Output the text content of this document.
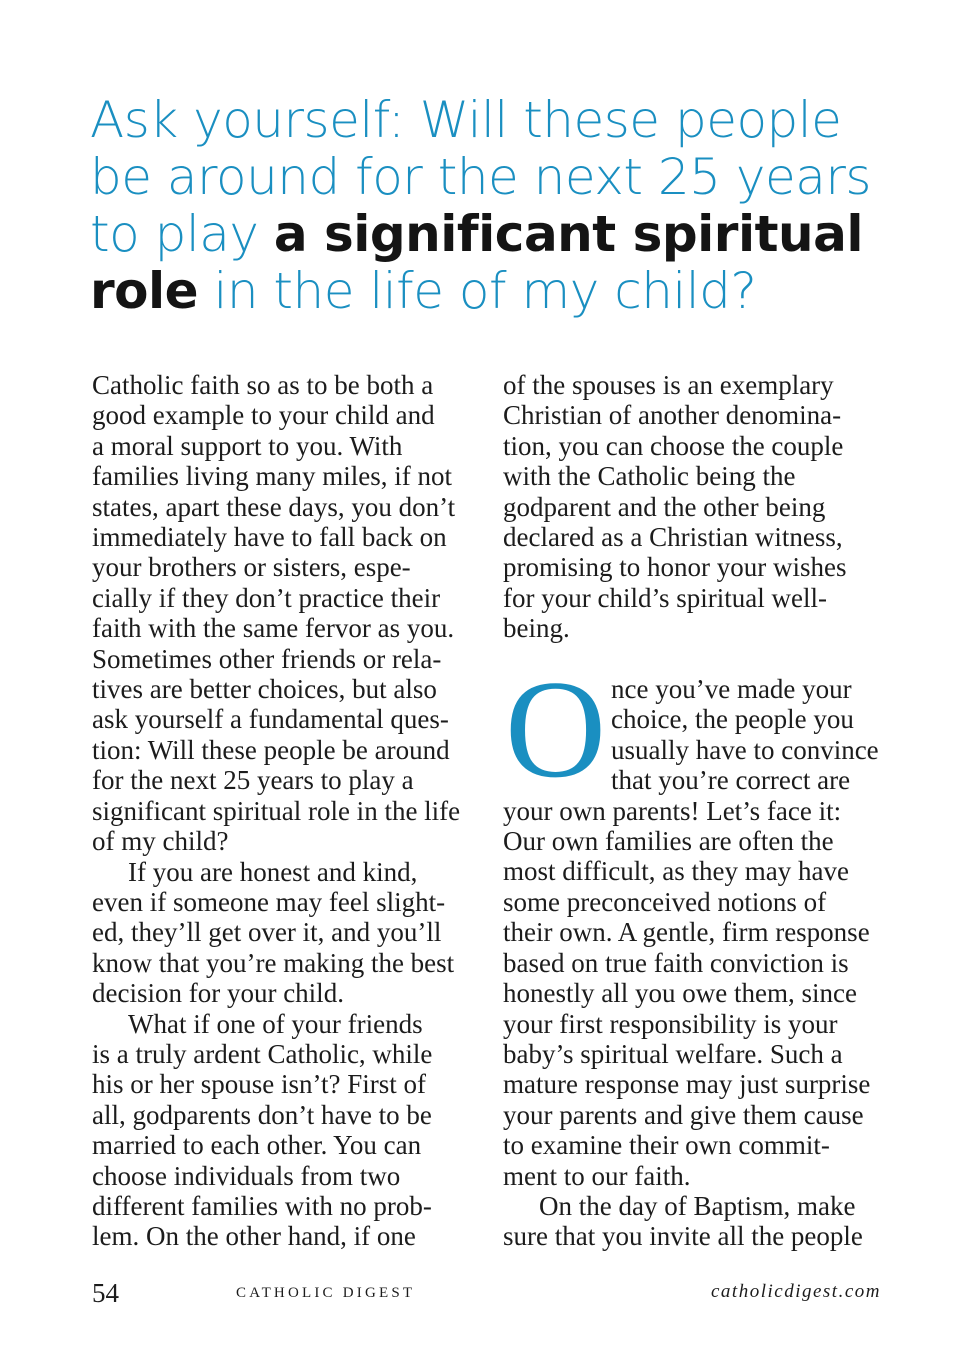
Ask yourself: Will these people
be around for the next 25 years
to play a significant spiritual
role in the life of my child?
Catholic faith so as to be both a
good example to your child and
a moral support to you. With
families living many miles, if not
states, apart these days, you don’t
immediately have to fall back on
your brothers or sisters, espe-
cially if they don’t practice their
faith with the same fervor as you.
Sometimes other friends or rela-
tives are better choices, but also
ask yourself a fundamental ques-
tion: Will these people be around
for the next 25 years to play a
significant spiritual role in the life
of my child?
If you are honest and kind,
even if someone may feel slight-
ed, they’ll get over it, and you’ll
know that you’re making the best
decision for your child.
What if one of your friends
is a truly ardent Catholic, while
his or her spouse isn’t? First of
all, godparents don’t have to be
married to each other. You can
choose individuals from two
different families with no prob-
lem. On the other hand, if one
of the spouses is an exemplary
Christian of another denomina-
tion, you can choose the couple
with the Catholic being the
godparent and the other being
declared as a Christian witness,
promising to honor your wishes
for your child’s spiritual well-
being.
O nce you’ve made your
choice, the people you
usually have to convince
that you’re correct are
your own parents! Let’s face it:
Our own families are often the
most difficult, as they may have
some preconceived notions of
their own. A gentle, firm response
based on true faith conviction is
honestly all you owe them, since
your first responsibility is your
baby’s spiritual welfare. Such a
mature response may just surprise
your parents and give them cause
to examine their own commit-
ment to our faith.
On the day of Baptism, make
sure that you invite all the people
54	CATHOLIC DIGEST	catholicdigest.com
